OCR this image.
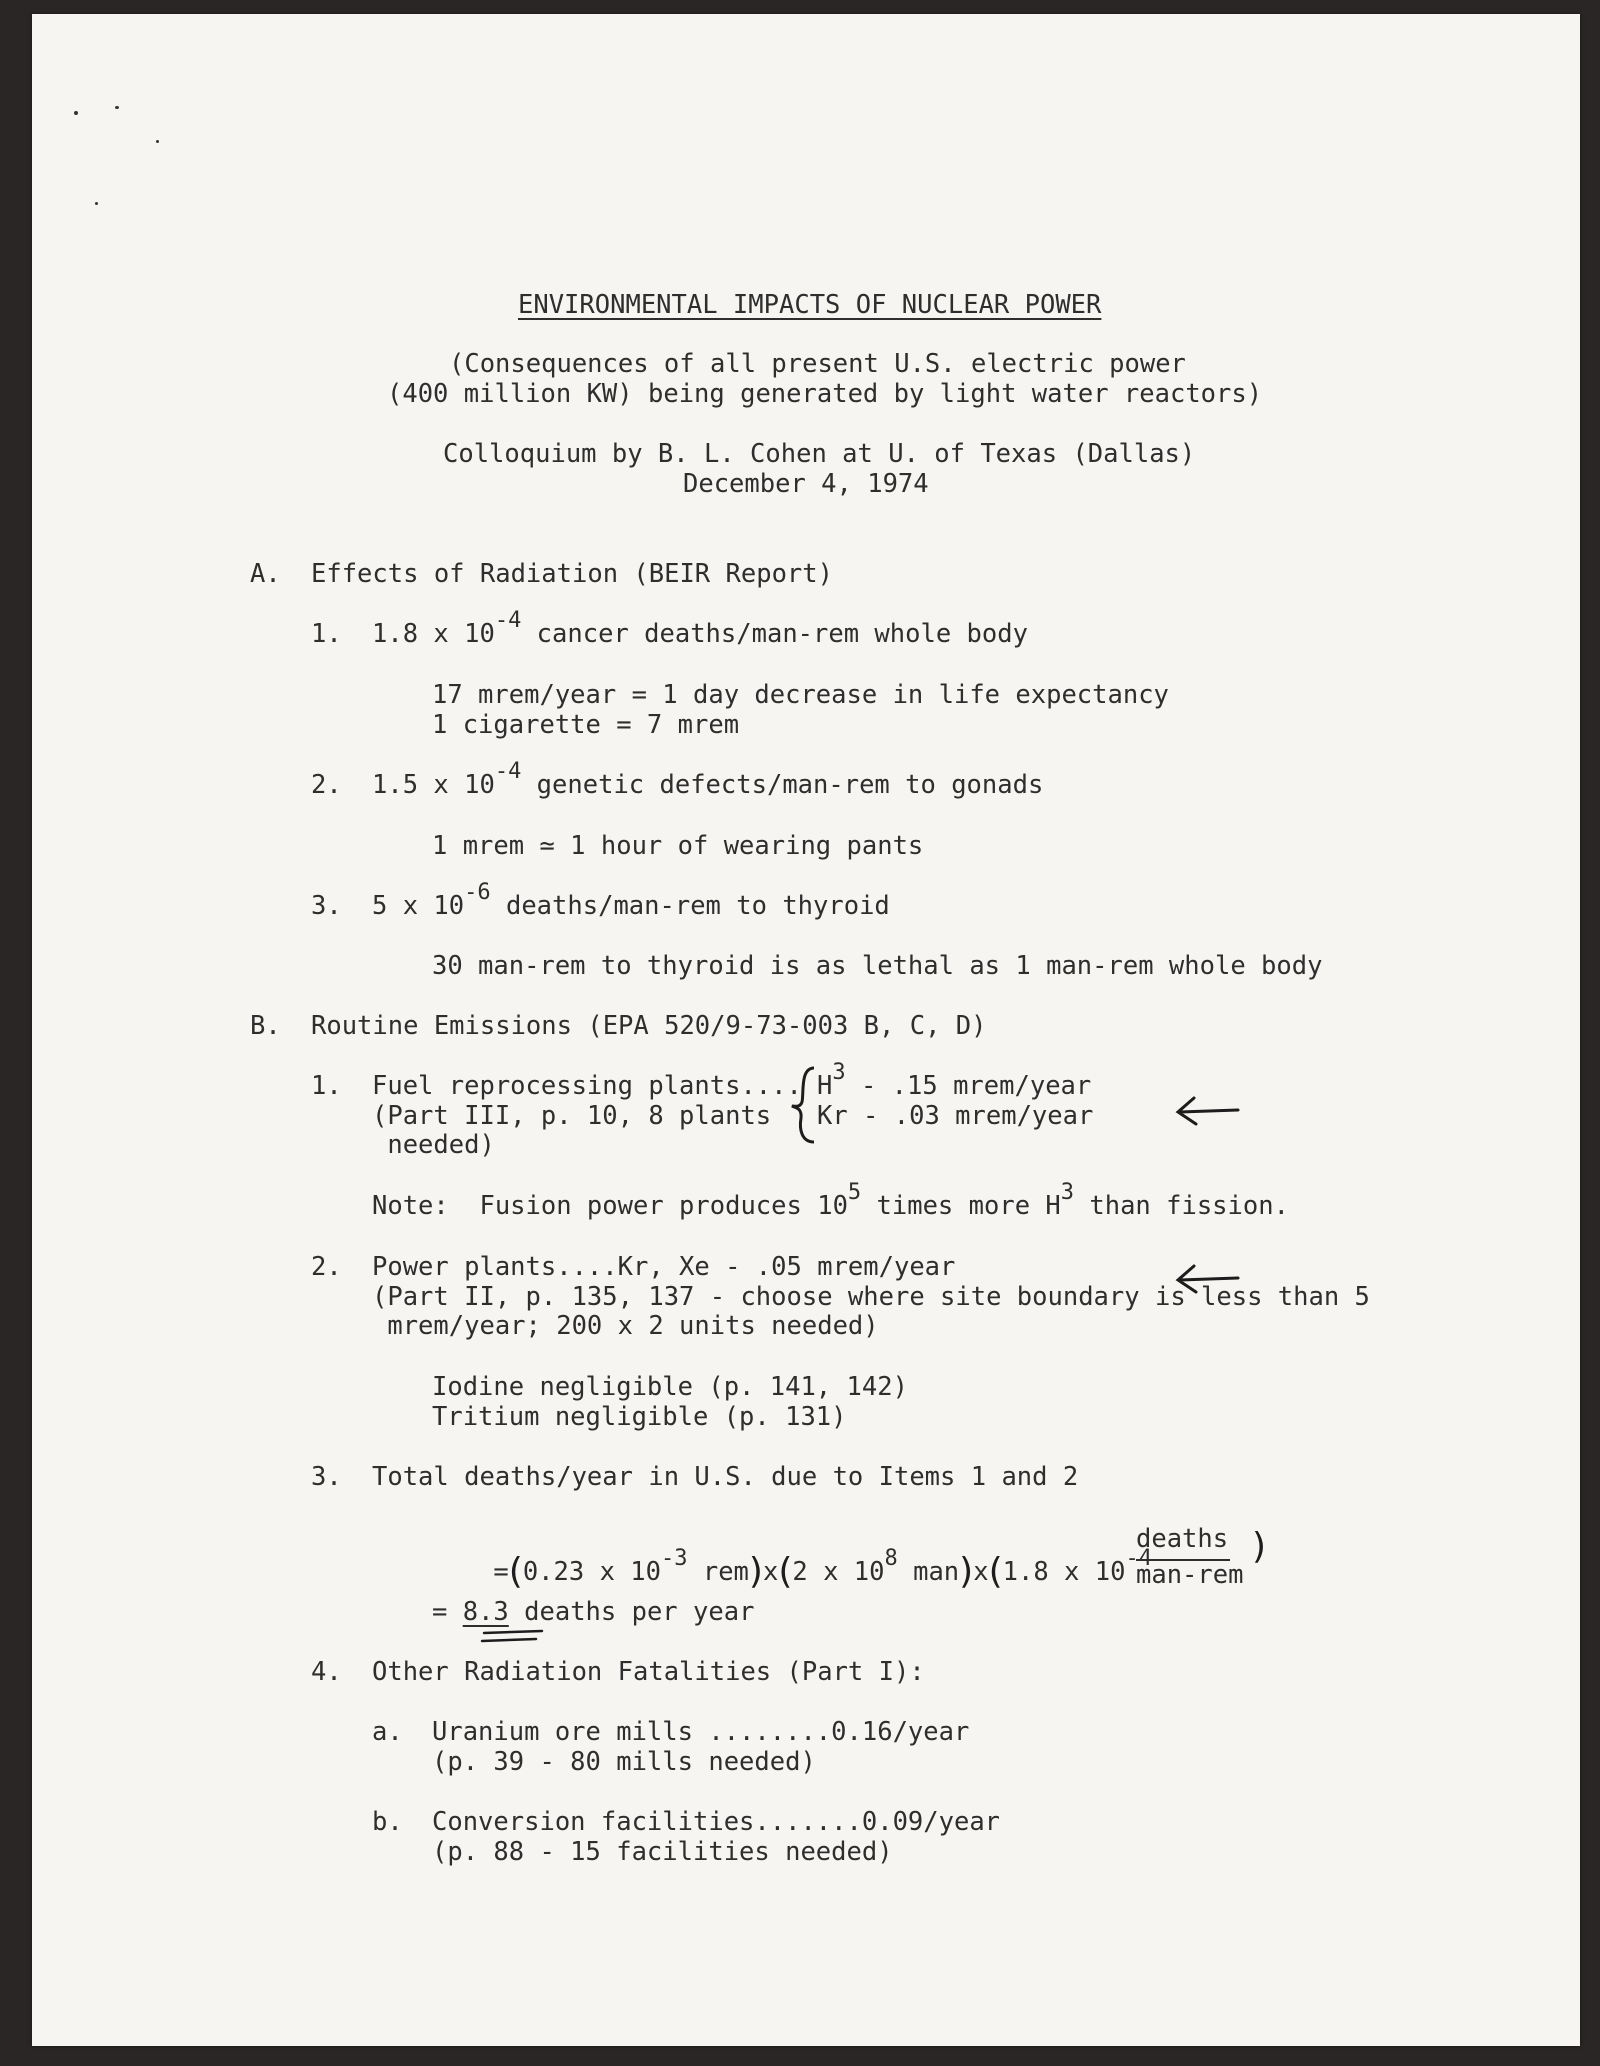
ENVIRONMENTAL IMPACTS OF NUCLEAR POWER
(Consequences of all present U.S. electric power
(400 million KW) being generated by light water reactors)
Colloquium by B. L. Cohen at U. of Texas (Dallas)
December 4, 1974
A. Effects of Radiation (BEIR Report)
1. 1.8 x $10^{-4}$ cancer deaths/man-rem whole body
17 mrem/year = 1 day decrease in life expectancy
1 cigarette = 7 mrem
2. 1.5 x $10^{-4}$ genetic defects/man-rem to gonads
1 mrem ≃ 1 hour of wearing pants
3. 5 x $10^{-6}$ deaths/man-rem to thyroid
30 man-rem to thyroid is as lethal as 1 man-rem whole body
B. Routine Emissions (EPA 520/9-73-003 B, C, D)
1. Fuel reprocessing plants....
(Part III, p. 10, 8 plants
needed)
$H^3 - .15$ mrem/year
Kr - .03 mrem/year
Note:  Fusion power produces $10^5$ times more $H^3$ than fission.
2. Power plants....Kr, Xe - .05 mrem/year
(Part II, p. 135, 137 - choose where site boundary is less than 5
mrem/year; 200 x 2 units needed)
Iodine negligible (p. 141, 142)
Tritium negligible (p. 131)
3. Total deaths/year in U.S. due to Items 1 and 2

=(0.23 x $10^{-3}$ rem)x(2 x $10^8$ man)x(1.8 x $10^{-4}$

deaths
man-rem
)
= 8.3 deaths per year
4. Other Radiation Fatalities (Part I):
a. Uranium ore mills ........0.16/year
(p. 39 - 80 mills needed)
b. Conversion facilities.......0.09/year
(p. 88 - 15 facilities needed)
